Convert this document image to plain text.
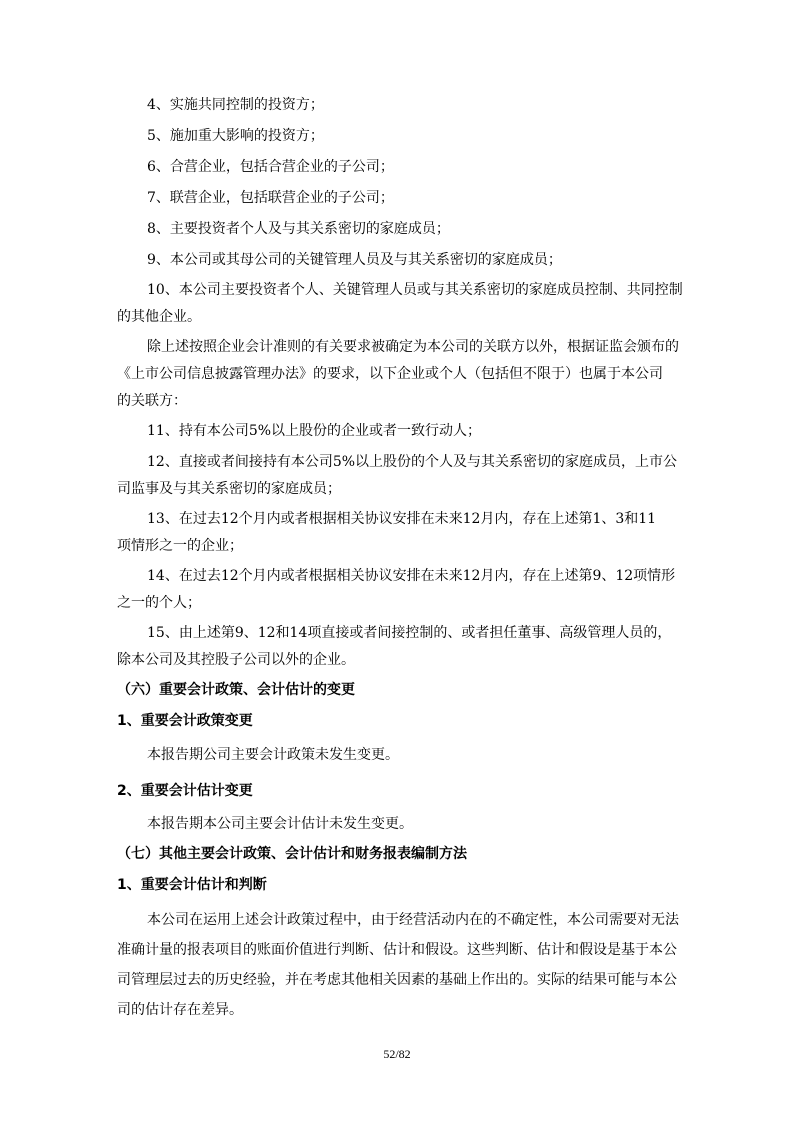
4、实施共同控制的投资方；
5、施加重大影响的投资方；
6、合营企业，包括合营企业的子公司；
7、联营企业，包括联营企业的子公司；
8、主要投资者个人及与其关系密切的家庭成员；
9、本公司或其母公司的关键管理人员及与其关系密切的家庭成员；
10、本公司主要投资者个人、关键管理人员或与其关系密切的家庭成员控制、共同控制
的其他企业。
除上述按照企业会计准则的有关要求被确定为本公司的关联方以外，根据证监会颁布的
《上市公司信息披露管理办法》的要求，以下企业或个人（包括但不限于）也属于本公司
的关联方：
11、持有本公司5%以上股份的企业或者一致行动人；
12、直接或者间接持有本公司5%以上股份的个人及与其关系密切的家庭成员，上市公
司监事及与其关系密切的家庭成员；
13、在过去12个月内或者根据相关协议安排在未来12月内，存在上述第1、3和11
项情形之一的企业；
14、在过去12个月内或者根据相关协议安排在未来12月内，存在上述第9、12项情形
之一的个人；
15、由上述第9、12和14项直接或者间接控制的、或者担任董事、高级管理人员的，
除本公司及其控股子公司以外的企业。
（六）重要会计政策、会计估计的变更
1、重要会计政策变更
本报告期公司主要会计政策未发生变更。
2、重要会计估计变更
本报告期本公司主要会计估计未发生变更。
（七）其他主要会计政策、会计估计和财务报表编制方法
1、重要会计估计和判断
本公司在运用上述会计政策过程中，由于经营活动内在的不确定性，本公司需要对无法
准确计量的报表项目的账面价值进行判断、估计和假设。这些判断、估计和假设是基于本公
司管理层过去的历史经验，并在考虑其他相关因素的基础上作出的。实际的结果可能与本公
司的估计存在差异。
52/82
